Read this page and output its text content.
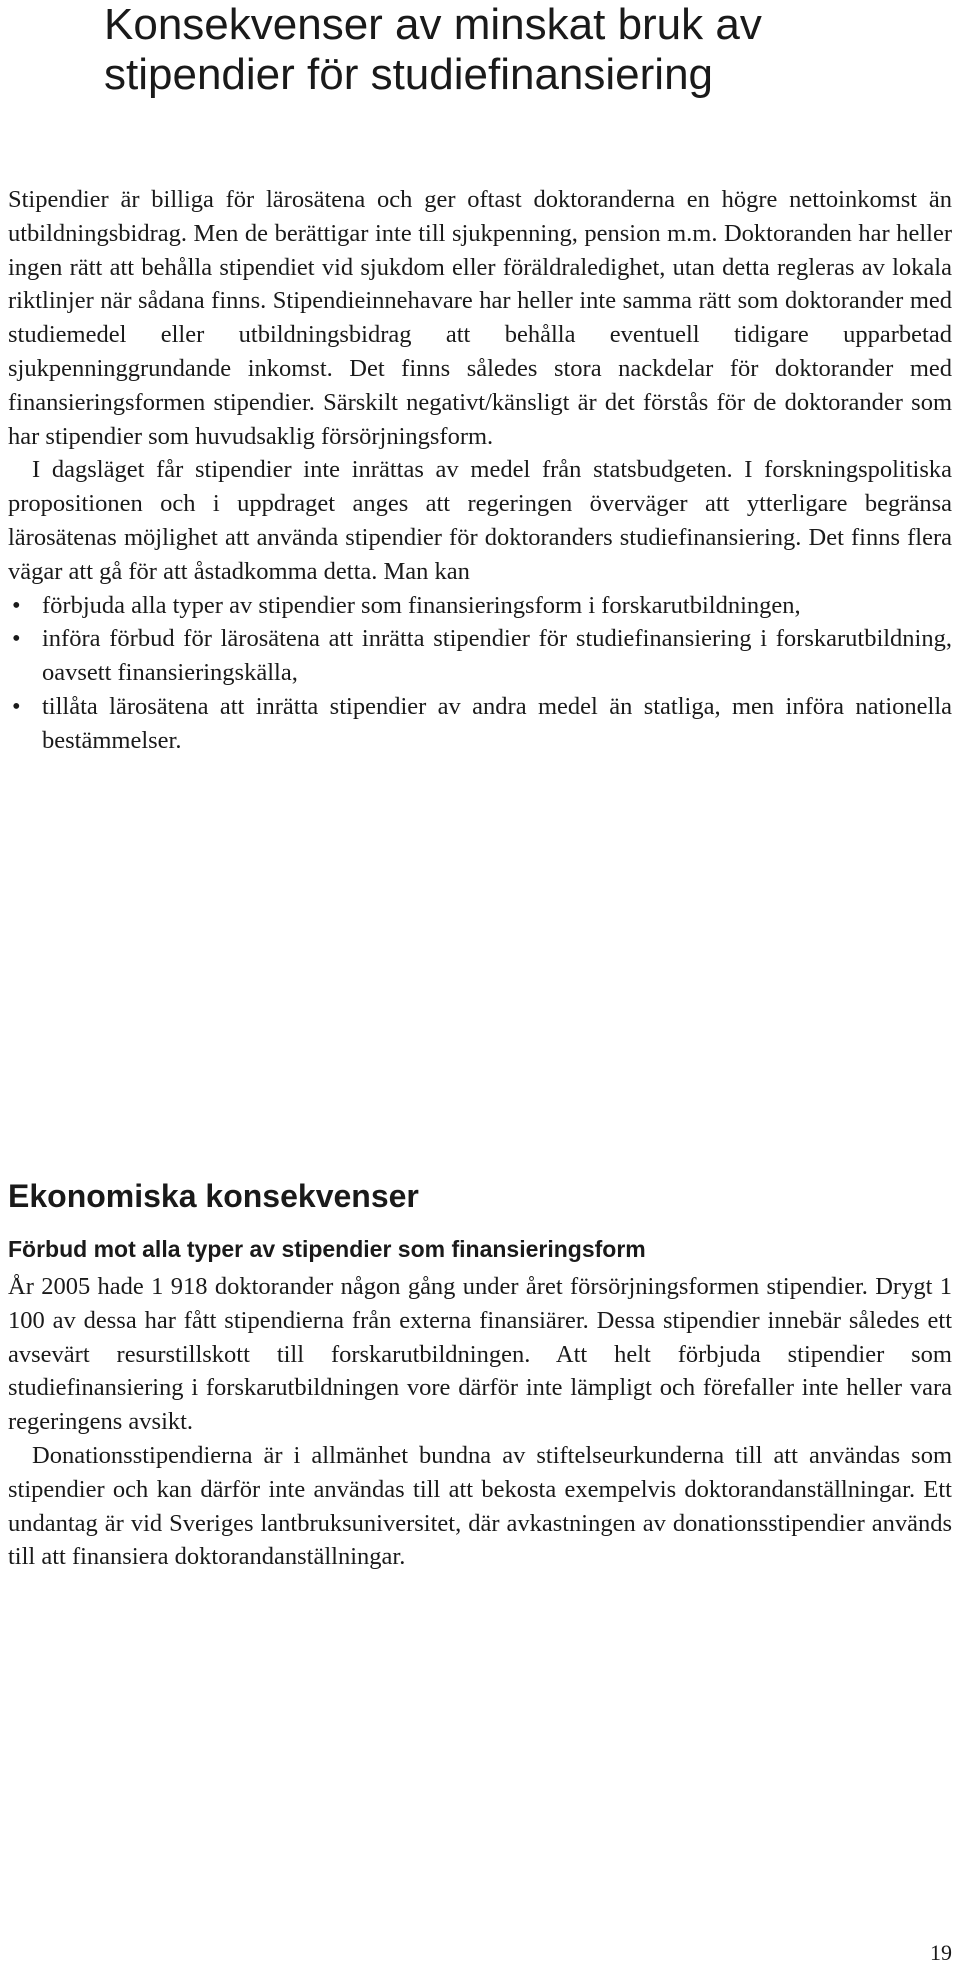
Konsekvenser av minskat bruk av stipendier för studiefinansiering

Stipendier är billiga för lärosätena och ger oftast doktoranderna en högre nettoinkomst än utbildningsbidrag. Men de berättigar inte till sjukpenning, pension m.m. Doktoranden har heller ingen rätt att behålla stipendiet vid sjukdom eller föräldraledighet, utan detta regleras av lokala riktlinjer när sådana finns. Stipendieinnehavare har heller inte samma rätt som doktorander med studiemedel eller utbildningsbidrag att behålla eventuell tidigare upparbetad sjukpenninggrundande inkomst. Det finns således stora nackdelar för doktorander med finansieringsformen stipendier. Särskilt negativt/känsligt är det förstås för de doktorander som har stipendier som huvudsaklig försörjningsform.

I dagsläget får stipendier inte inrättas av medel från statsbudgeten. I forskningspolitiska propositionen och i uppdraget anges att regeringen överväger att ytterligare begränsa lärosätenas möjlighet att använda stipendier för doktoranders studiefinansiering. Det finns flera vägar att gå för att åstadkomma detta. Man kan

• förbjuda alla typer av stipendier som finansieringsform i forskarutbildningen,
• införa förbud för lärosätena att inrätta stipendier för studiefinansiering i forskarutbildning, oavsett finansieringskälla,
• tillåta lärosätena att inrätta stipendier av andra medel än statliga, men införa nationella bestämmelser.
Ekonomiska konsekvenser
Förbud mot alla typer av stipendier som finansieringsform

År 2005 hade 1 918 doktorander någon gång under året försörjningsformen stipendier. Drygt 1 100 av dessa har fått stipendierna från externa finansiärer. Dessa stipendier innebär således ett avsevärt resurstillskott till forskarutbildningen. Att helt förbjuda stipendier som studiefinansiering i forskarutbildningen vore därför inte lämpligt och förefaller inte heller vara regeringens avsikt.

Donationsstipendierna är i allmänhet bundna av stiftelseurkunderna till att användas som stipendier och kan därför inte användas till att bekosta exempelvis doktorandanställningar. Ett undantag är vid Sveriges lantbruksuniversitet, där avkastningen av donationsstipendier används till att finansiera doktorandanställningar.

19
